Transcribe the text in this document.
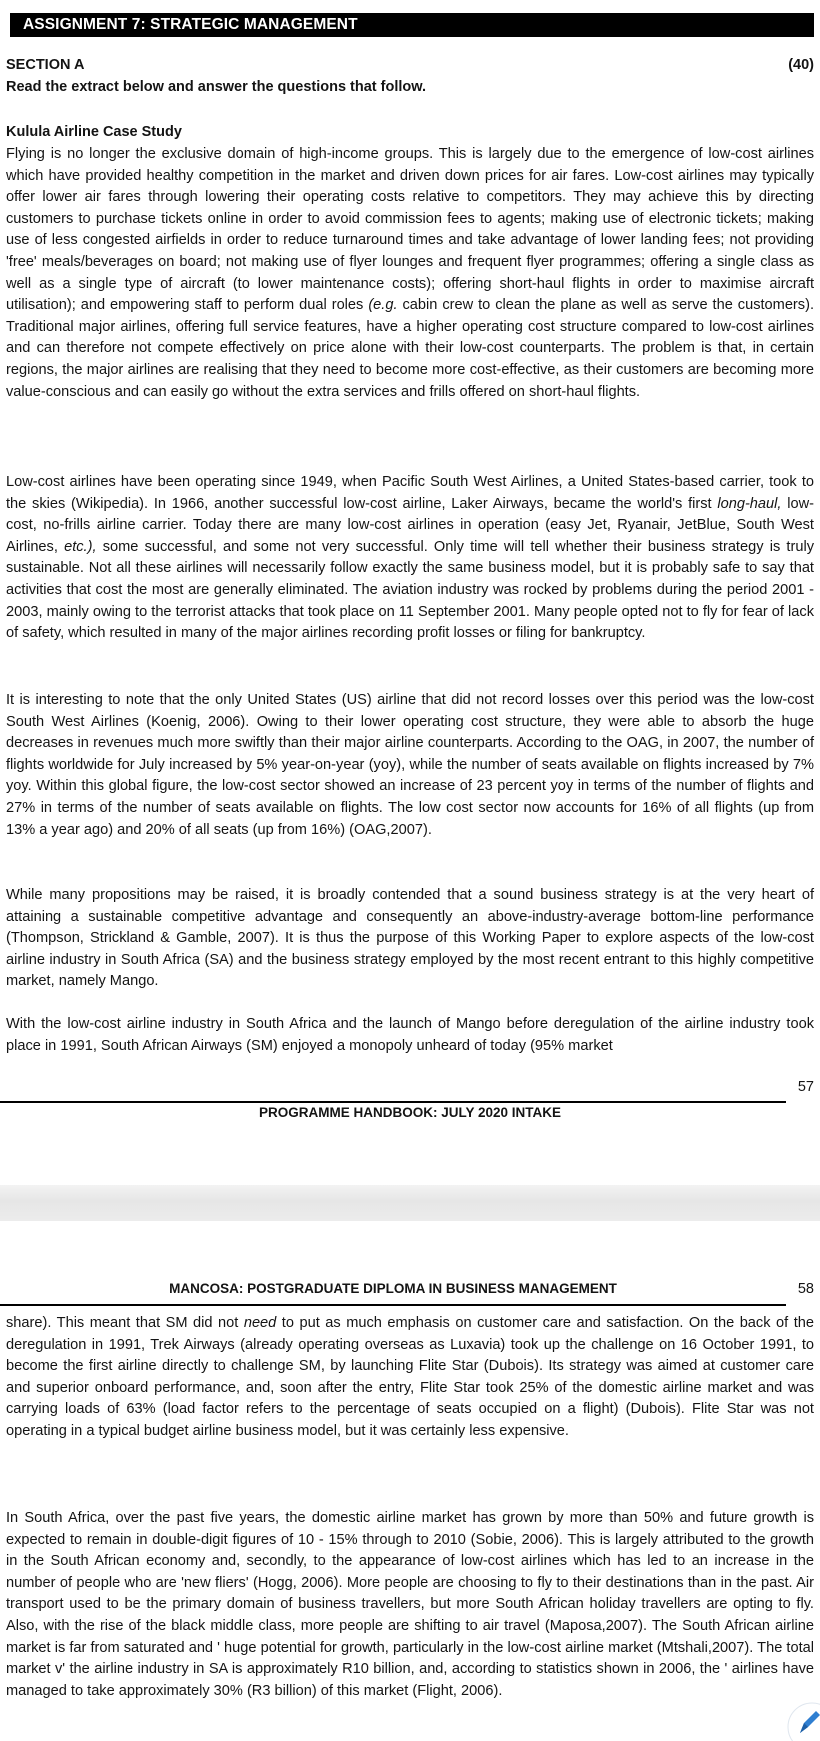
ASSIGNMENT 7: STRATEGIC MANAGEMENT
SECTION A	(40)
Read the extract below and answer the questions that follow.
Kulula Airline Case Study

Flying is no longer the exclusive domain of high-income groups. This is largely due to the emergence of low-cost airlines which have provided healthy competition in the market and driven down prices for air fares. Low-cost airlines may typically offer lower air fares through lowering their operating costs relative to competitors. They may achieve this by directing customers to purchase tickets online in order to avoid commission fees to agents; making use of electronic tickets; making use of less congested airfields in order to reduce turnaround times and take advantage of lower landing fees; not providing 'free' meals/beverages on board; not making use of flyer lounges and frequent flyer programmes; offering a single class as well as a single type of aircraft (to lower maintenance costs); offering short-haul flights in order to maximise aircraft utilisation); and empowering staff to perform dual roles (e.g. cabin crew to clean the plane as well as serve the customers). Traditional major airlines, offering full service features, have a higher operating cost structure compared to low-cost airlines and can therefore not compete effectively on price alone with their low-cost counterparts. The problem is that, in certain regions, the major airlines are realising that they need to become more cost-effective, as their customers are becoming more value-conscious and can easily go without the extra services and frills offered on short-haul flights.

Low-cost airlines have been operating since 1949, when Pacific South West Airlines, a United States-based carrier, took to the skies (Wikipedia). In 1966, another successful low-cost airline, Laker Airways, became the world's first long-haul, low-cost, no-frills airline carrier. Today there are many low-cost airlines in operation (easy Jet, Ryanair, JetBlue, South West Airlines, etc.), some successful, and some not very successful. Only time will tell whether their business strategy is truly sustainable. Not all these airlines will necessarily follow exactly the same business model, but it is probably safe to say that activities that cost the most are generally eliminated. The aviation industry was rocked by problems during the period 2001 - 2003, mainly owing to the terrorist attacks that took place on 11 September 2001. Many people opted not to fly for fear of lack of safety, which resulted in many of the major airlines recording profit losses or filing for bankruptcy.

It is interesting to note that the only United States (US) airline that did not record losses over this period was the low-cost South West Airlines (Koenig, 2006). Owing to their lower operating cost structure, they were able to absorb the huge decreases in revenues much more swiftly than their major airline counterparts. According to the OAG, in 2007, the number of flights worldwide for July increased by 5% year-on-year (yoy), while the number of seats available on flights increased by 7% yoy. Within this global figure, the low-cost sector showed an increase of 23 percent yoy in terms of the number of flights and 27% in terms of the number of seats available on flights. The low cost sector now accounts for 16% of all flights (up from 13% a year ago) and 20% of all seats (up from 16%) (OAG,2007).

While many propositions may be raised, it is broadly contended that a sound business strategy is at the very heart of attaining a sustainable competitive advantage and consequently an above-industry-average bottom-line performance (Thompson, Strickland & Gamble, 2007). It is thus the purpose of this Working Paper to explore aspects of the low-cost airline industry in South Africa (SA) and the business strategy employed by the most recent entrant to this highly competitive market, namely Mango.

With the low-cost airline industry in South Africa and the launch of Mango before deregulation of the airline industry took place in 1991, South African Airways (SM) enjoyed a monopoly unheard of today (95% market

57
PROGRAMME HANDBOOK: JULY 2020 INTAKE
MANCOSA: POSTGRADUATE DIPLOMA IN BUSINESS MANAGEMENT	58

share). This meant that SM did not need to put as much emphasis on customer care and satisfaction. On the back of the deregulation in 1991, Trek Airways (already operating overseas as Luxavia) took up the challenge on 16 October 1991, to become the first airline directly to challenge SM, by launching Flite Star (Dubois). Its strategy was aimed at customer care and superior onboard performance, and, soon after the entry, Flite Star took 25% of the domestic airline market and was carrying loads of 63% (load factor refers to the percentage of seats occupied on a flight) (Dubois). Flite Star was not operating in a typical budget airline business model, but it was certainly less expensive.

In South Africa, over the past five years, the domestic airline market has grown by more than 50% and future growth is expected to remain in double-digit figures of 10 - 15% through to 2010 (Sobie, 2006). This is largely attributed to the growth in the South African economy and, secondly, to the appearance of low-cost airlines which has led to an increase in the number of people who are 'new fliers' (Hogg, 2006). More people are choosing to fly to their destinations than in the past. Air transport used to be the primary domain of business travellers, but more South African holiday travellers are opting to fly. Also, with the rise of the black middle class, more people are shifting to air travel (Maposa,2007). The South African airline market is far from saturated and ' huge potential for growth, particularly in the low-cost airline market (Mtshali,2007). The total market v' the airline industry in SA is approximately R10 billion, and, according to statistics shown in 2006, the ' airlines have managed to take approximately 30% (R3 billion) of this market (Flight, 2006).
